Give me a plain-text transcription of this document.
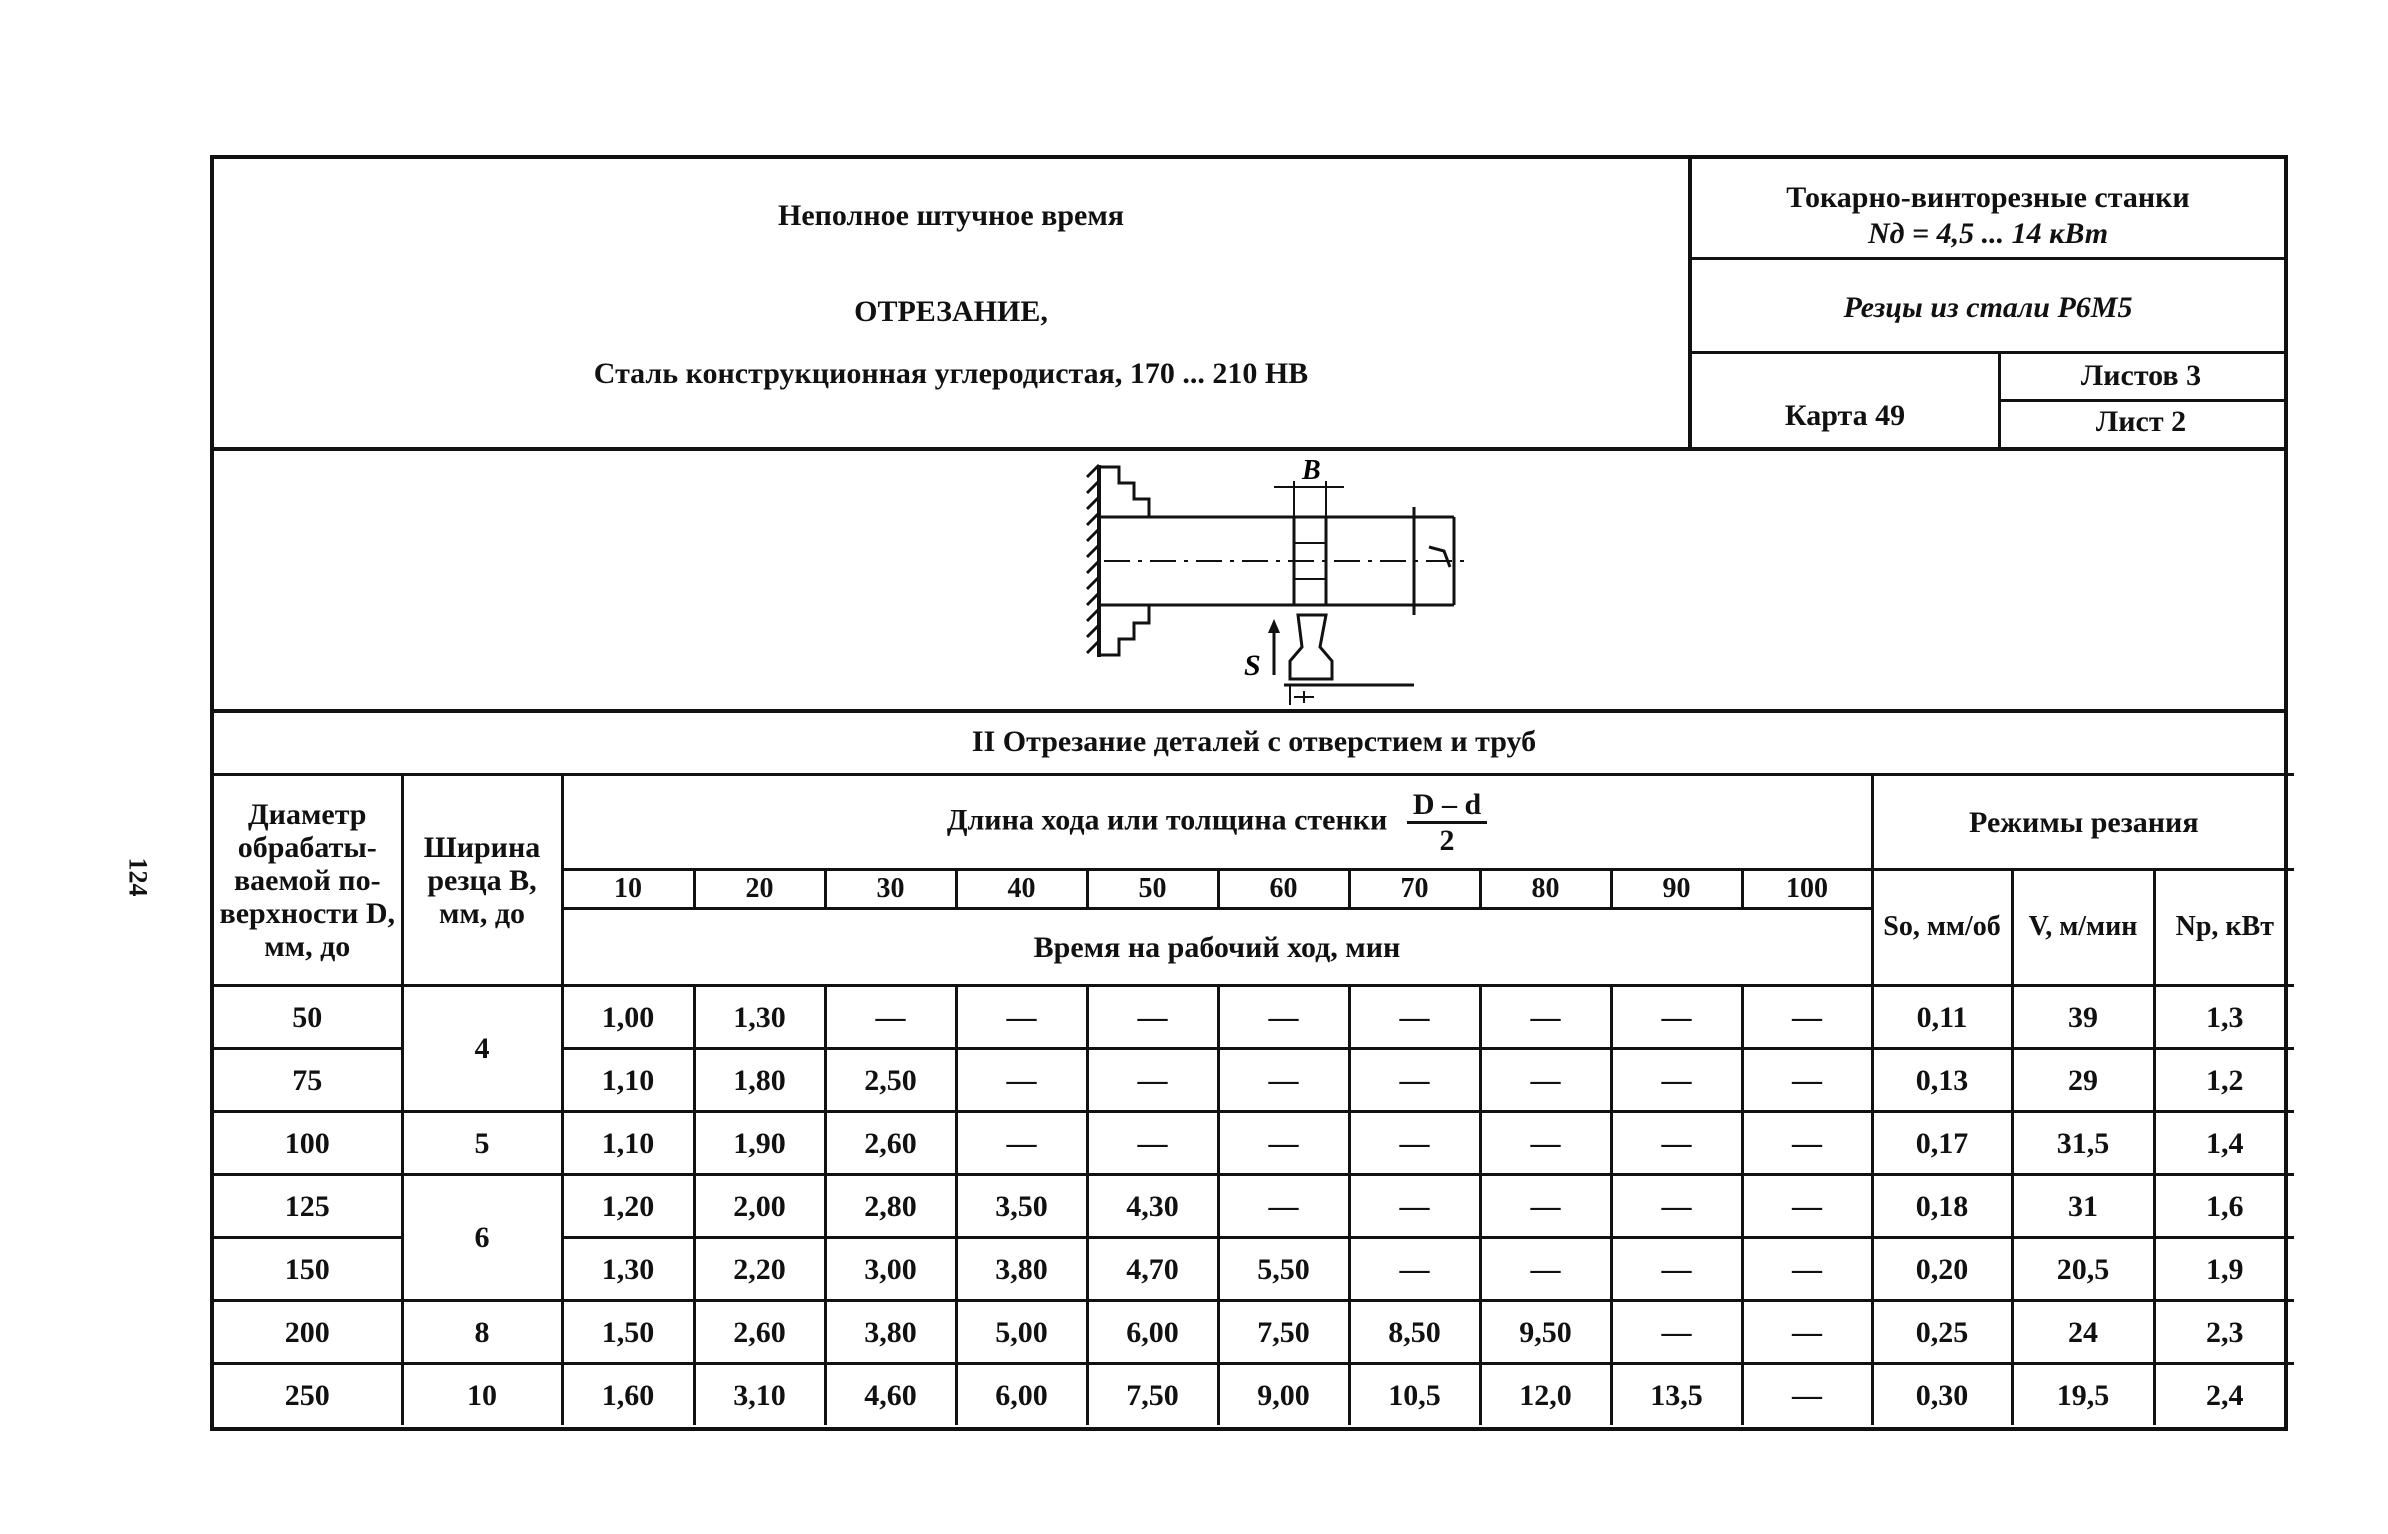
124
Неполное штучное время
ОТРЕЗАНИЕ,
Сталь конструкционная углеродистая, 170 ... 210 НВ
Токарно-винторезные станки
Nд = 4,5 ... 14 кВт
Резцы из стали Р6М5
Карта 49
Листов 3
Лист 2
B
S
II Отрезание деталей с отверстием и труб														
Диаметр обрабаты-ваемой по-верхности D, мм, до	Ширина резца B, мм, до	Длина хода или толщина стенки $\frac{D - d}{2}$										Режимы резания		
		10	20	30	40	50	60	70	80	90	100	Sо, мм/об	V, м/мин	Nр, кВт
		Время на рабочий ход, мин												
50	4	1,00	1,30	—	—	—	—	—	—	—	—	0,11	39	1,3
75		1,10	1,80	2,50	—	—	—	—	—	—	—	0,13	29	1,2
100	5	1,10	1,90	2,60	—	—	—	—	—	—	—	0,17	31,5	1,4
125	6	1,20	2,00	2,80	3,50	4,30	—	—	—	—	—	0,18	31	1,6
150		1,30	2,20	3,00	3,80	4,70	5,50	—	—	—	—	0,20	20,5	1,9
200	8	1,50	2,60	3,80	5,00	6,00	7,50	8,50	9,50	—	—	0,25	24	2,3
250	10	1,60	3,10	4,60	6,00	7,50	9,00	10,5	12,0	13,5	—	0,30	19,5	2,4
